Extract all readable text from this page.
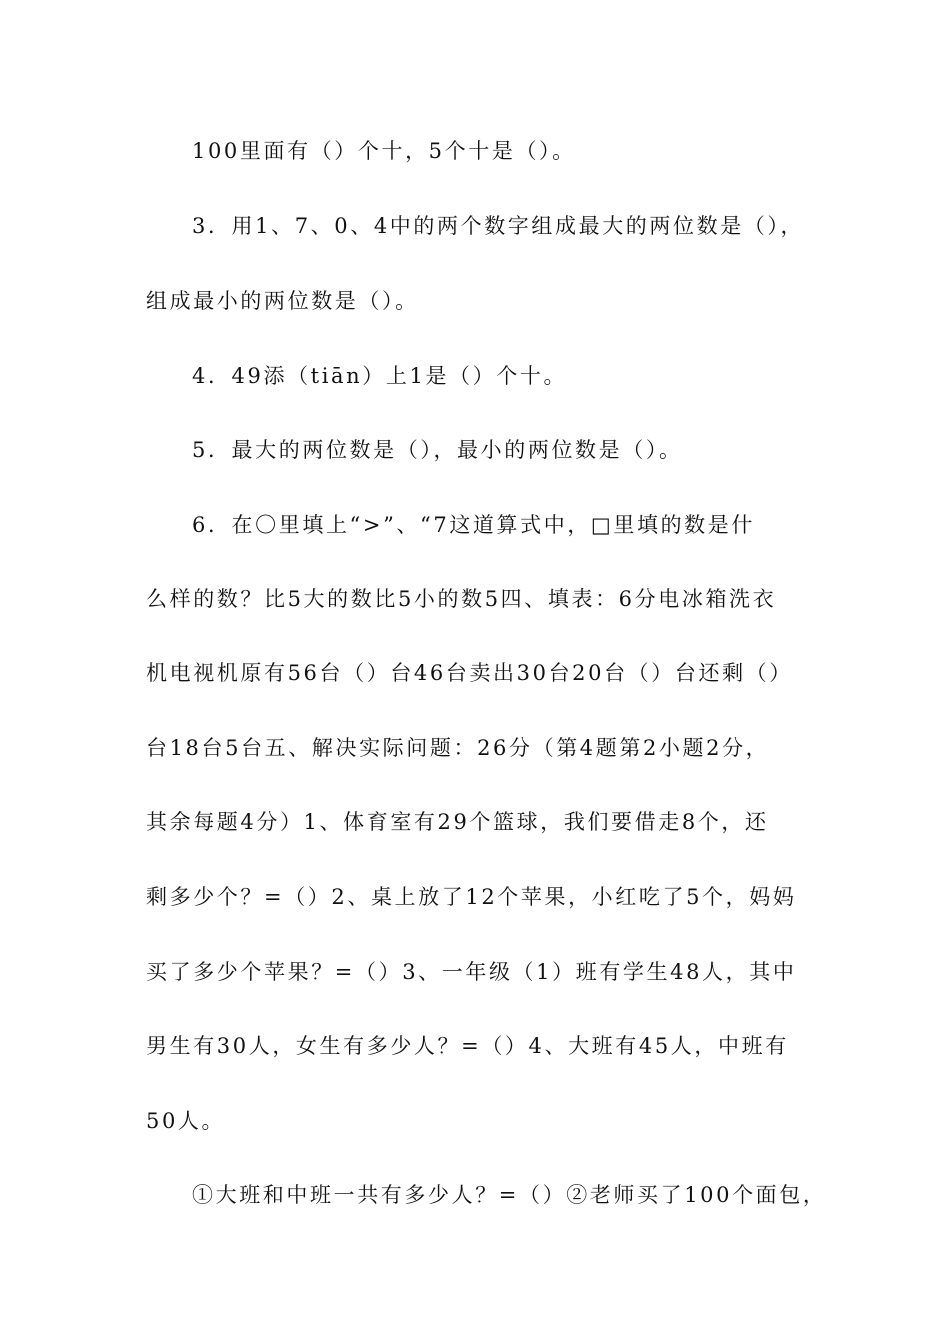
100里面有（）个十，5个十是（）。
3．用1、7、0、4中的两个数字组成最大的两位数是（），
组成最小的两位数是（）。
4．49添（tiān）上1是（）个十。
5．最大的两位数是（），最小的两位数是（）。
6．在〇里填上“>”、“7这道算式中，□里填的数是什
么样的数？比5大的数比5小的数5四、填表：6分电冰箱洗衣
机电视机原有56台（）台46台卖出30台20台（）台还剩（）
台18台5台五、解决实际问题：26分（第4题第2小题2分，
其余每题4分）1、体育室有29个篮球，我们要借走8个，还
剩多少个？=（）2、桌上放了12个苹果，小红吃了5个，妈妈
买了多少个苹果？=（）3、一年级（1）班有学生48人，其中
男生有30人，女生有多少人？=（）4、大班有45人，中班有
50人。
①大班和中班一共有多少人？=（）②老师买了100个面包，
